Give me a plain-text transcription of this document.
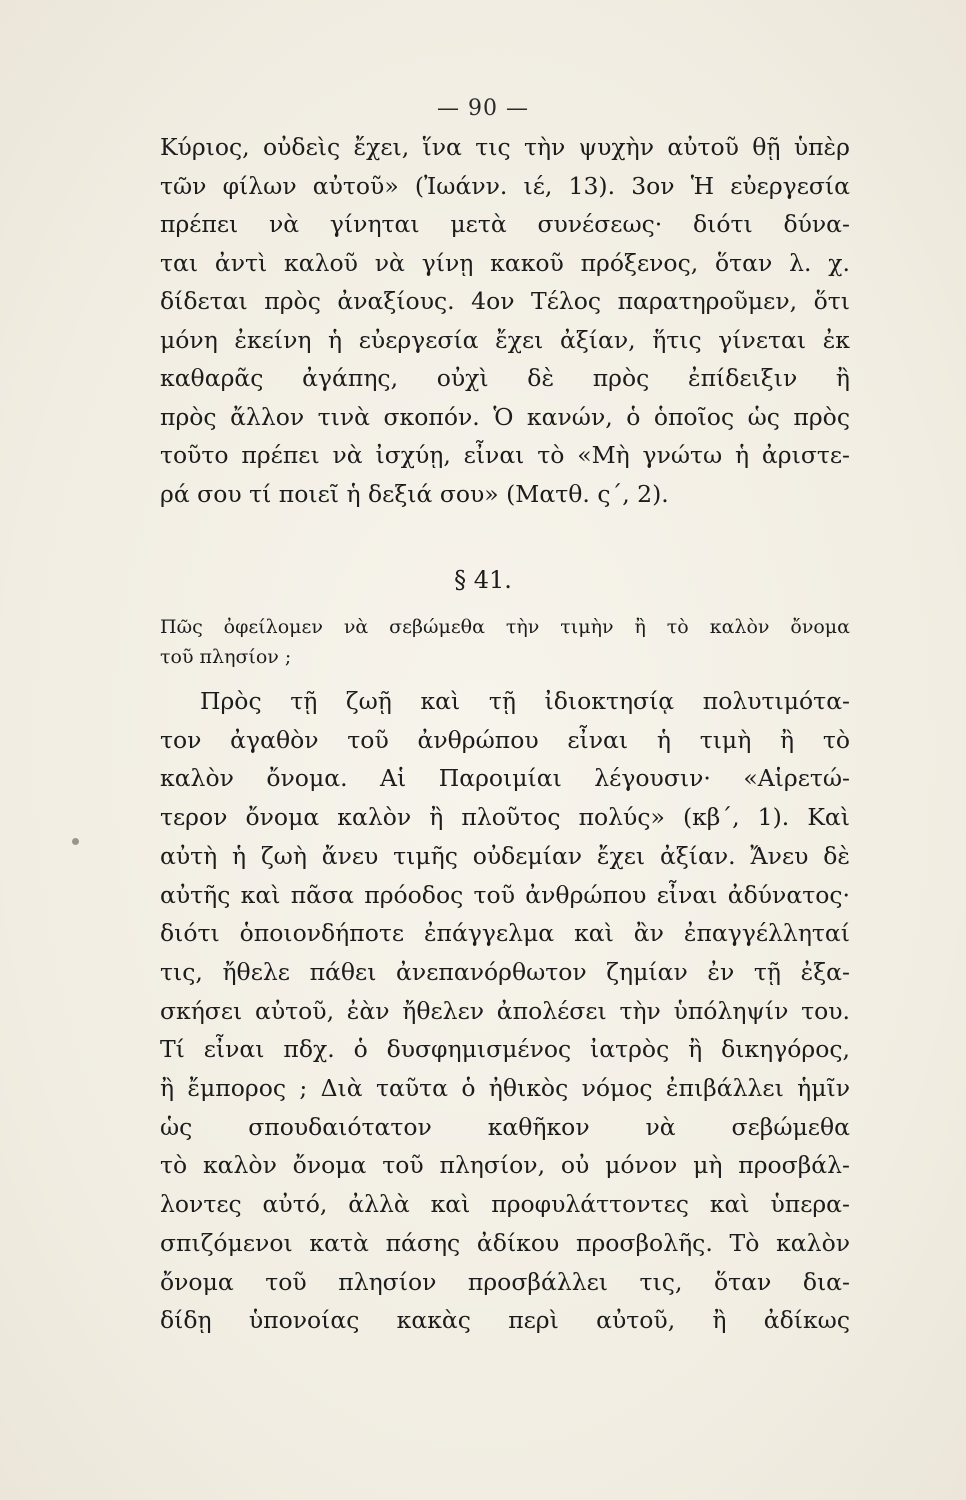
— 90 —

Κύριος, οὐδεὶς ἔχει, ἵνα τις τὴν ψυχὴν αὐτοῦ θῇ ὑπὲρ
τῶν φίλων αὐτοῦ» (Ἰωάνν. ιέ, 13). 3ον Ἡ εὐεργεσία
πρέπει νὰ γίνηται μετὰ συνέσεως· διότι δύνα-
ται ἀντὶ καλοῦ νὰ γίνῃ κακοῦ πρόξενος, ὅταν λ. χ.
δίδεται πρὸς ἀναξίους. 4ον Τέλος παρατηροῦμεν, ὅτι
μόνη ἐκείνη ἡ εὐεργεσία ἔχει ἀξίαν, ἥτις γίνεται ἐκ
καθαρᾶς ἀγάπης, οὐχὶ δὲ πρὸς ἐπίδειξιν ἢ
πρὸς ἄλλον τινὰ σκοπόν. Ὁ κανών, ὁ ὁποῖος ὡς πρὸς
τοῦτο πρέπει νὰ ἰσχύῃ, εἶναι τὸ «Μὴ γνώτω ἡ ἀριστε-
ρά σου τί ποιεῖ ἡ δεξιά σου» (Ματθ. ς΄, 2).

§ 41.

Πῶς ὀφείλομεν νὰ σεβώμεθα τὴν τιμὴν ἢ τὸ καλὸν ὄνομα
τοῦ πλησίον ;

Πρὸς τῇ ζωῇ καὶ τῇ ἰδιοκτησίᾳ πολυτιμότα-
τον ἀγαθὸν τοῦ ἀνθρώπου εἶναι ἡ τιμὴ ἢ τὸ
καλὸν ὄνομα. Αἱ Παροιμίαι λέγουσιν· «Αἱρετώ-
τερον ὄνομα καλὸν ἢ πλοῦτος πολύς» (κβ΄, 1). Καὶ
αὐτὴ ἡ ζωὴ ἄνευ τιμῆς οὐδεμίαν ἔχει ἀξίαν. Ἄνευ δὲ
αὐτῆς καὶ πᾶσα πρόοδος τοῦ ἀνθρώπου εἶναι ἀδύνατος·
διότι ὁποιονδήποτε ἐπάγγελμα καὶ ἂν ἐπαγγέλληταί
τις, ἤθελε πάθει ἀνεπανόρθωτον ζημίαν ἐν τῇ ἐξα-
σκήσει αὐτοῦ, ἐὰν ἤθελεν ἀπολέσει τὴν ὑπόληψίν του.
Τί εἶναι πδχ. ὁ δυσφημισμένος ἰατρὸς ἢ δικηγόρος,
ἢ ἔμπορος ; Διὰ ταῦτα ὁ ἠθικὸς νόμος ἐπιβάλλει ἡμῖν
ὡς σπουδαιότατον καθῆκον νὰ σεβώμεθα
τὸ καλὸν ὄνομα τοῦ πλησίον, οὐ μόνον μὴ προσβάλ-
λοντες αὐτό, ἀλλὰ καὶ προφυλάττοντες καὶ ὑπερα-
σπιζόμενοι κατὰ πάσης ἀδίκου προσβολῆς. Τὸ καλὸν
ὄνομα τοῦ πλησίον προσβάλλει τις, ὅταν δια-
δίδῃ ὑπονοίας κακὰς περὶ αὐτοῦ, ἢ ἀδίκως
